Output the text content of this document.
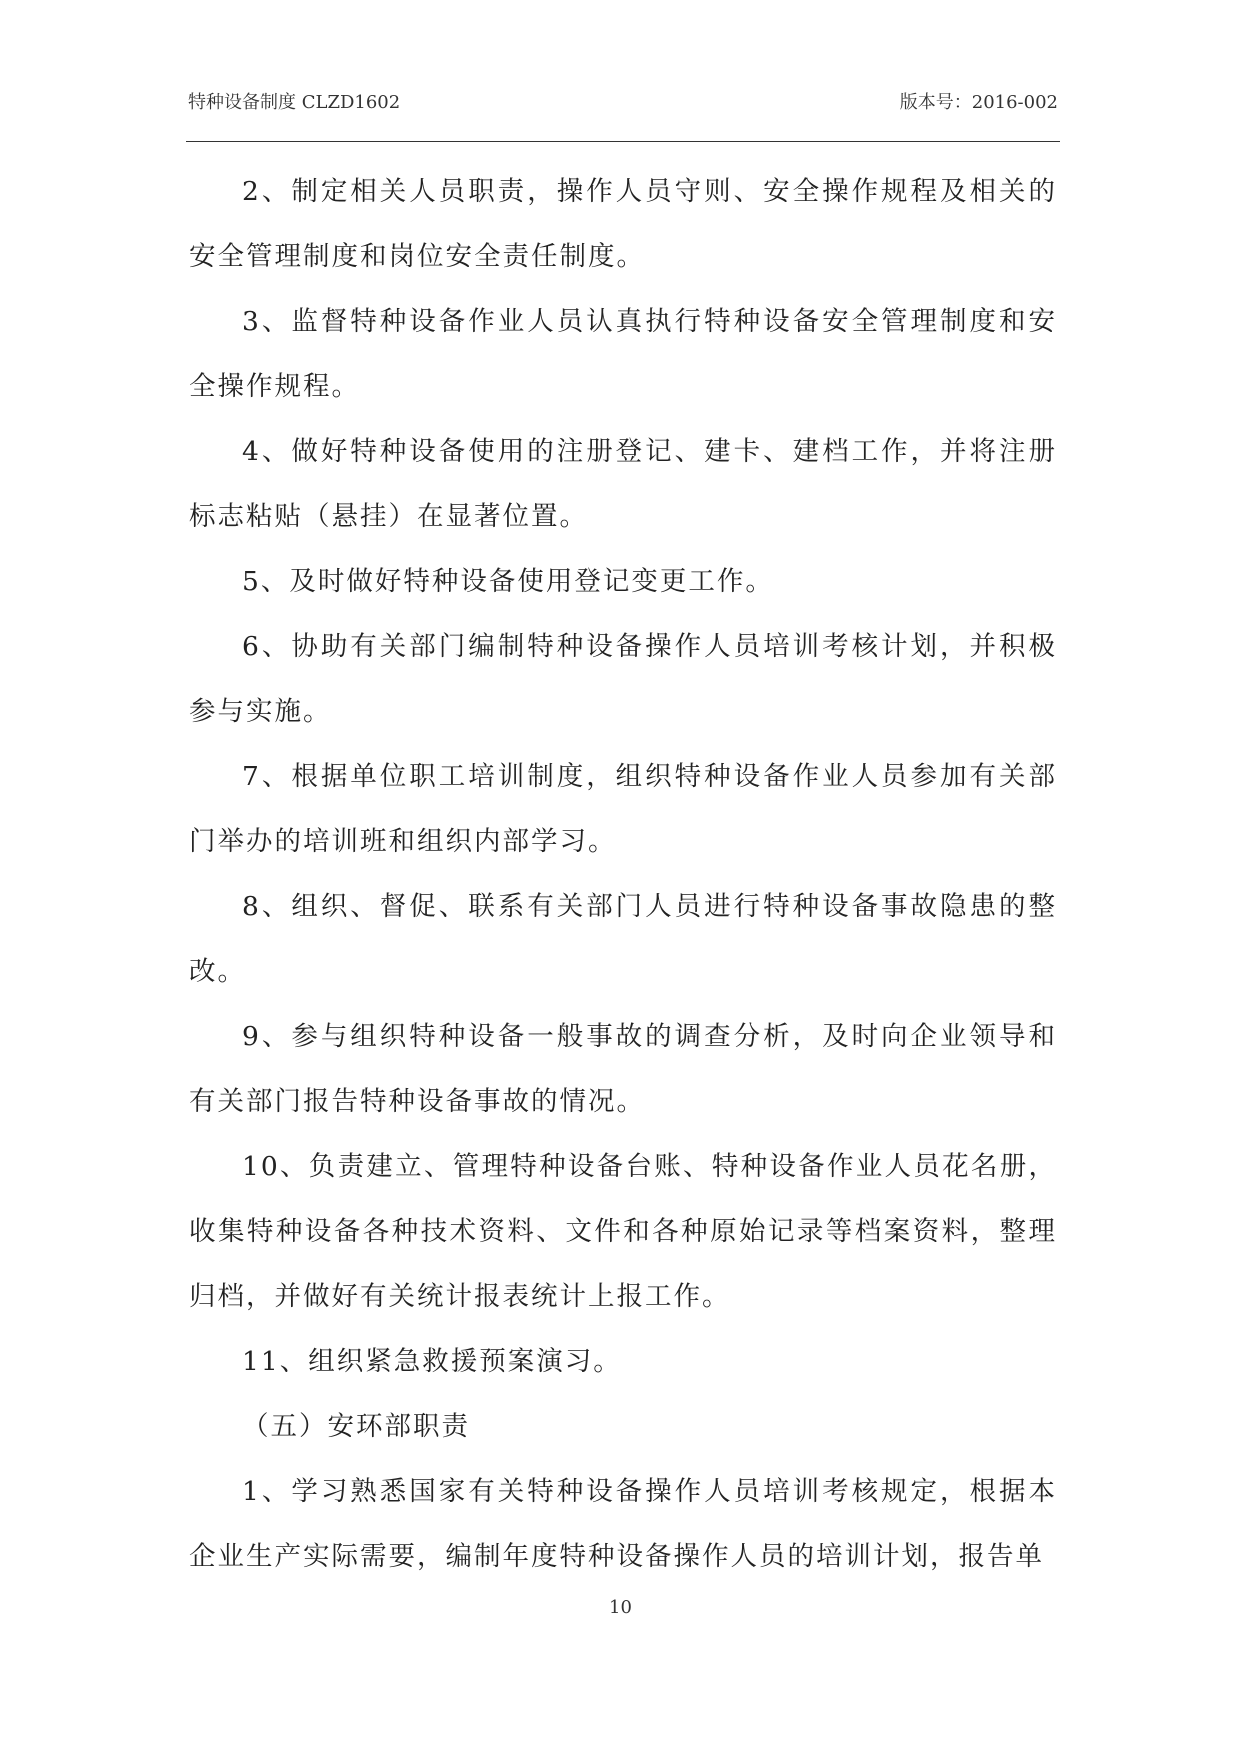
特种设备制度 CLZD1602	版本号：2016-002

2、制定相关人员职责，操作人员守则、安全操作规程及相关的安全管理制度和岗位安全责任制度。

3、监督特种设备作业人员认真执行特种设备安全管理制度和安全操作规程。

4、做好特种设备使用的注册登记、建卡、建档工作，并将注册标志粘贴（悬挂）在显著位置。

5、及时做好特种设备使用登记变更工作。

6、协助有关部门编制特种设备操作人员培训考核计划，并积极参与实施。

7、根据单位职工培训制度，组织特种设备作业人员参加有关部门举办的培训班和组织内部学习。

8、组织、督促、联系有关部门人员进行特种设备事故隐患的整改。

9、参与组织特种设备一般事故的调查分析，及时向企业领导和有关部门报告特种设备事故的情况。

10、负责建立、管理特种设备台账、特种设备作业人员花名册，收集特种设备各种技术资料、文件和各种原始记录等档案资料，整理归档，并做好有关统计报表统计上报工作。

11、组织紧急救援预案演习。

（五）安环部职责

1、学习熟悉国家有关特种设备操作人员培训考核规定，根据本企业生产实际需要，编制年度特种设备操作人员的培训计划，报告单

10
